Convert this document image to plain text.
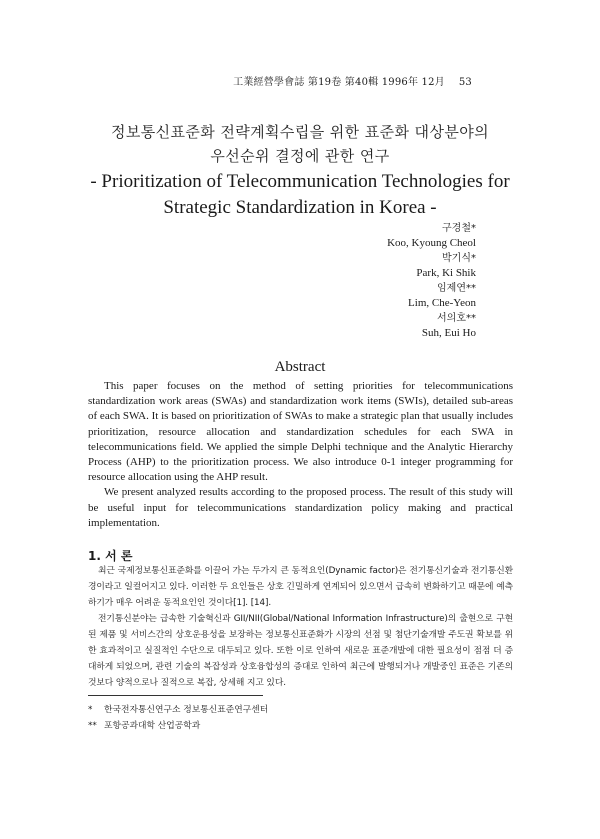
工業經營學會誌 第19卷 第40輯 1996年 12月 53
정보통신표준화 전략계획수립을 위한 표준화 대상분야의
우선순위 결정에 관한 연구
- Prioritization of Telecommunication Technologies for
Strategic Standardization in Korea -
구경철*
Koo, Kyoung Cheol
박기식*
Park, Ki Shik
임제연**
Lim, Che-Yeon
서의호**
Suh, Eui Ho
Abstract

This paper focuses on the method of setting priorities for telecommunications standardization work areas (SWAs) and standardization work items (SWIs), detailed sub-areas of each SWA. It is based on prioritization of SWAs to make a strategic plan that usually includes prioritization, resource allocation and standardization schedules for each SWA in telecommunications field. We applied the simple Delphi technique and the Analytic Hierarchy Process (AHP) to the prioritization process. We also introduce 0-1 integer programming for resource allocation using the AHP result.

We present analyzed results according to the proposed process. The result of this study will be useful input for telecommunications standardization policy making and practical implementation.

1. 서 론

최근 국제정보통신표준화를 이끌어 가는 두가지 큰 동적요인(Dynamic factor)은 전기통신기술과 전기통신환경이라고 일컬어지고 있다. 이러한 두 요인들은 상호 긴밀하게 연계되어 있으면서 급속히 변화하기고 때문에 예측하기가 매우 어려운 동적요인인 것이다[1]. [14].

전기통신분야는 급속한 기술혁신과 GII/NII(Global/National Information Infrastructure)의 출현으로 구현된 제품 및 서비스간의 상호운용성을 보장하는 정보통신표준화가 시장의 선점 및 첨단기술개발 주도권 확보를 위한 효과적이고 실질적인 수단으로 대두되고 있다. 또한 이로 인하여 새로운 표준개발에 대한 필요성이 점점 더 증대하게 되었으며, 관련 기술의 복잡성과 상호융합성의 증대로 인하여 최근에 발행되거나 개발중인 표준은 기존의 것보다 양적으로나 질적으로 복잡, 상세해 지고 있다.

* 한국전자통신연구소 정보통신표준연구센터
** 포항공과대학 산업공학과
